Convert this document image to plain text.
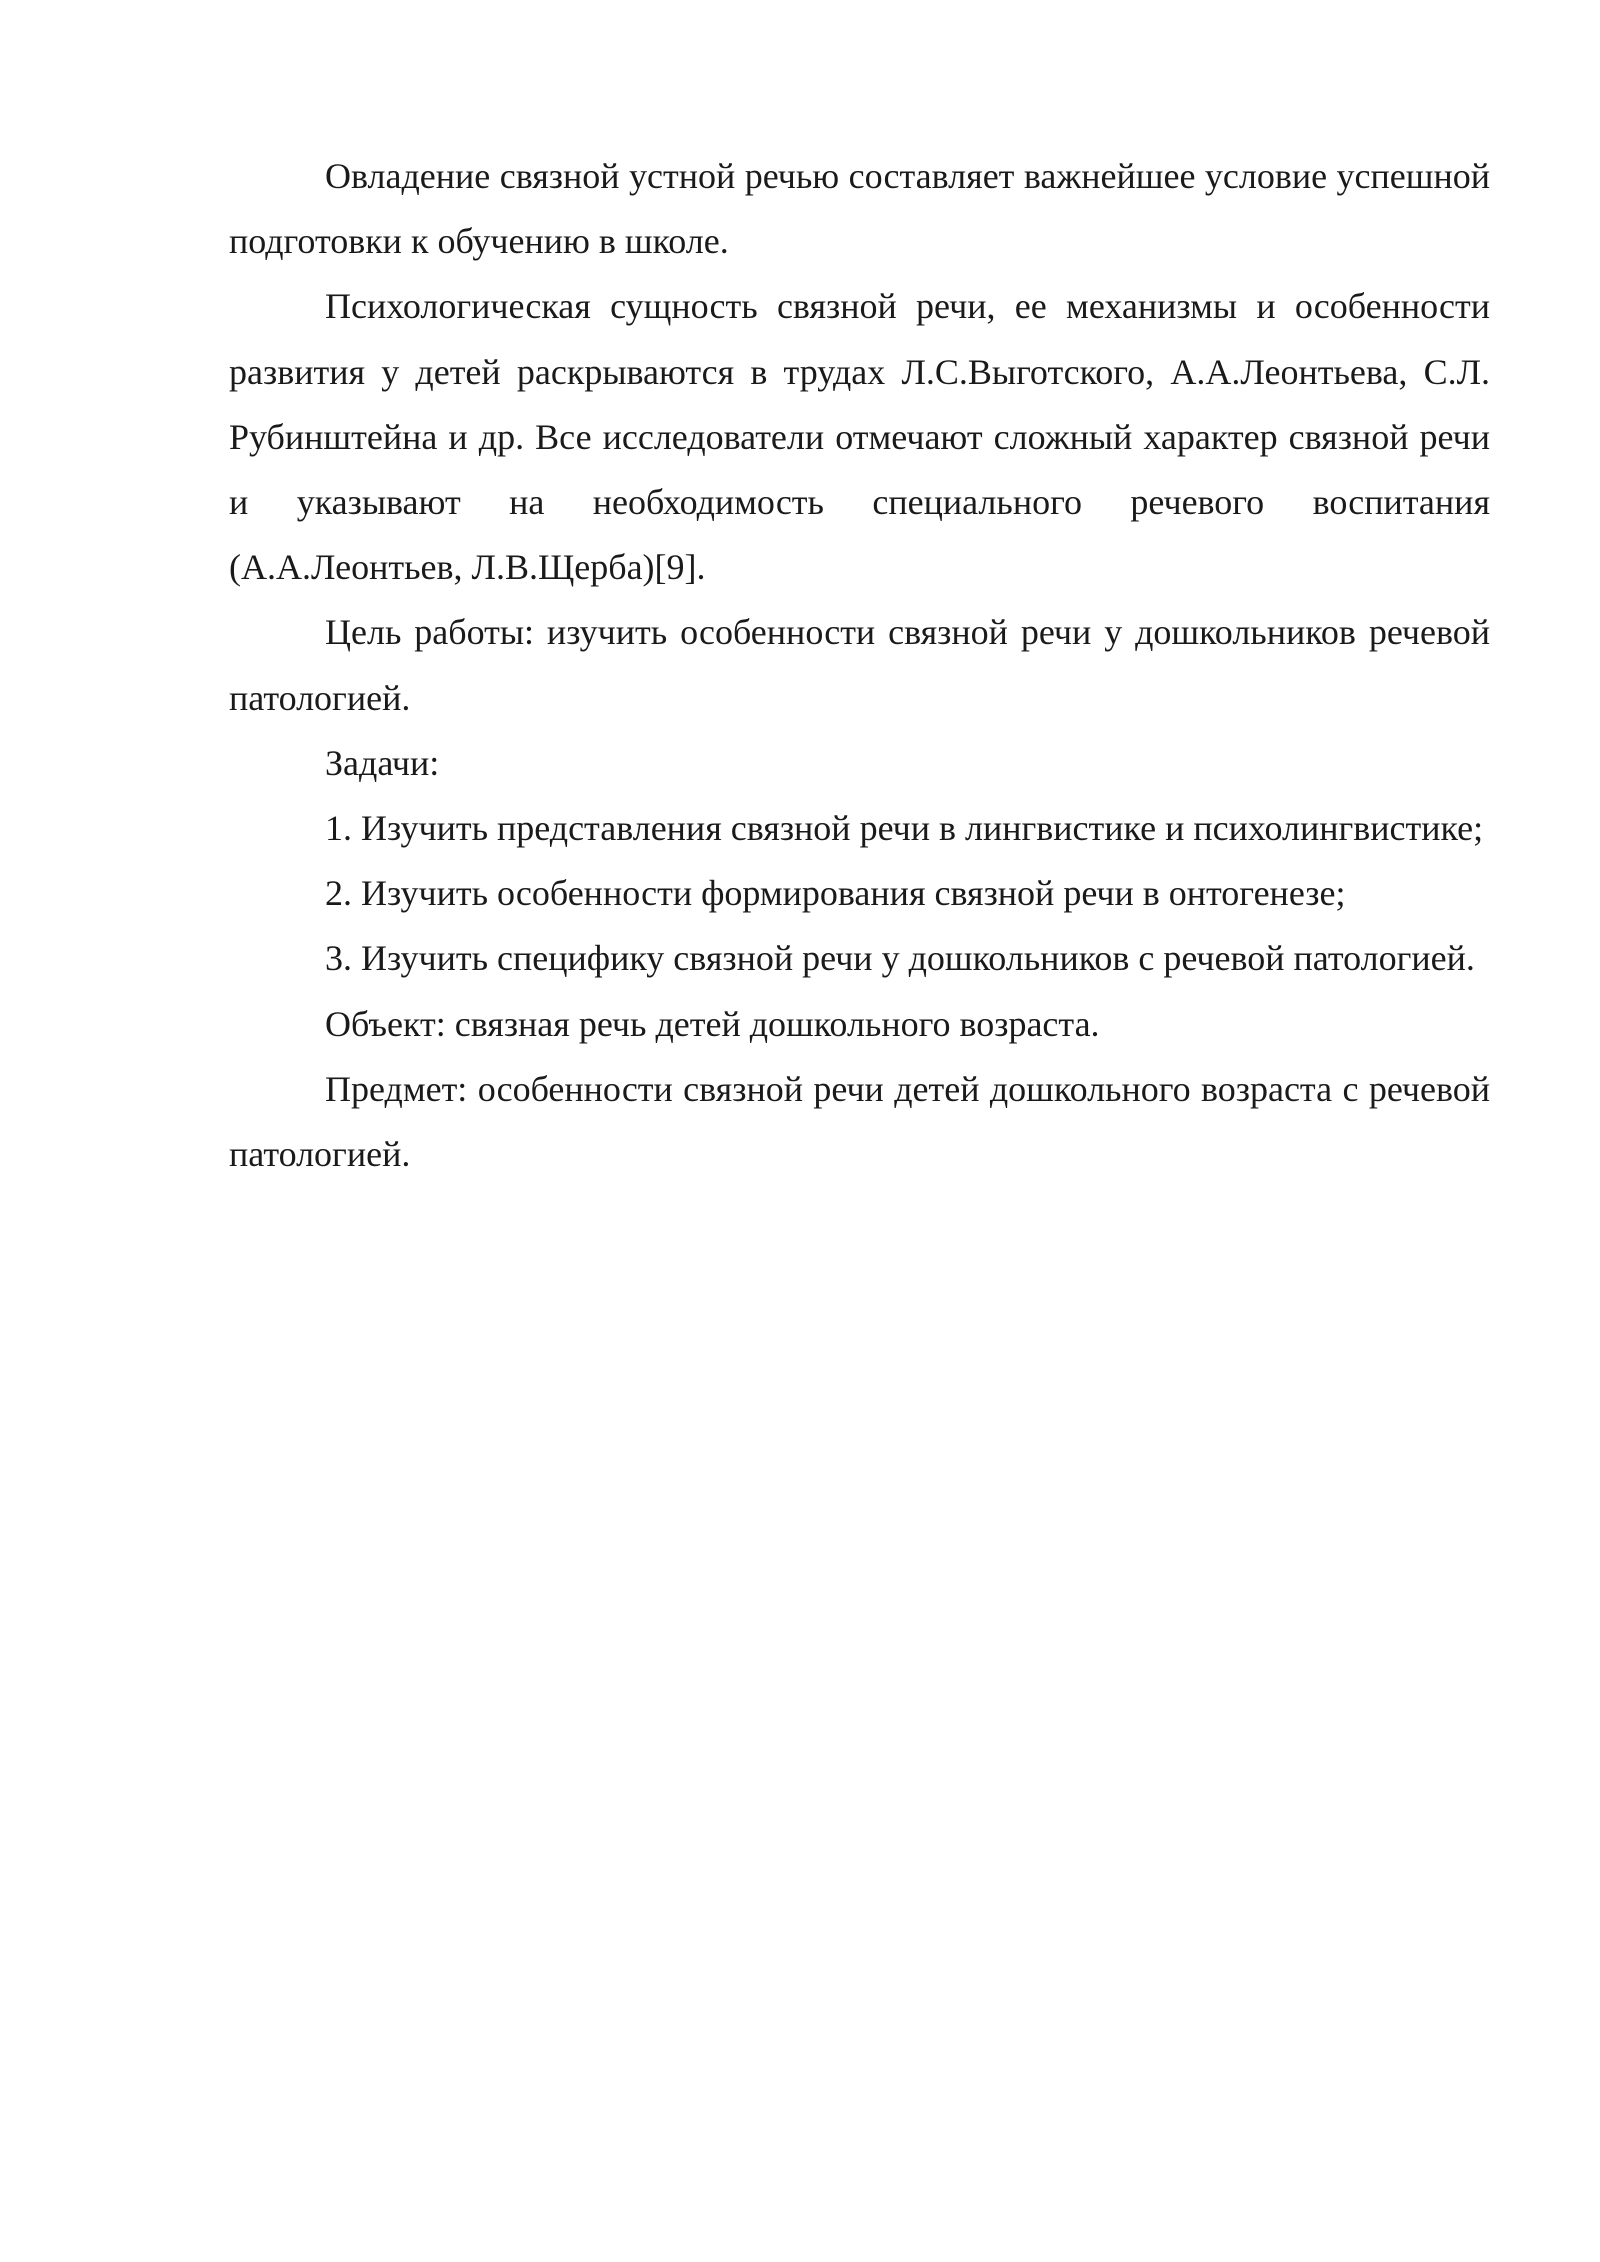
Овладение связной устной речью составляет важнейшее условие успешной подготовки к обучению в школе.

Психологическая сущность связной речи, ее механизмы и особенности развития у детей раскрываются в трудах Л.С.Выготского, А.А.Леонтьева, С.Л. Рубинштейна и др. Все исследователи отмечают сложный характер связной речи и указывают на необходимость специального речевого воспитания (А.А.Леонтьев, Л.В.Щерба)[9].

Цель работы: изучить особенности связной речи у дошкольников речевой патологией.

Задачи:

1. Изучить представления связной речи в лингвистике и психолингвистике;

2. Изучить особенности формирования связной речи в онтогенезе;

3. Изучить специфику связной речи у дошкольников с речевой патологией.

Объект: связная речь детей дошкольного возраста.

Предмет: особенности связной речи детей дошкольного возраста с речевой патологией.
